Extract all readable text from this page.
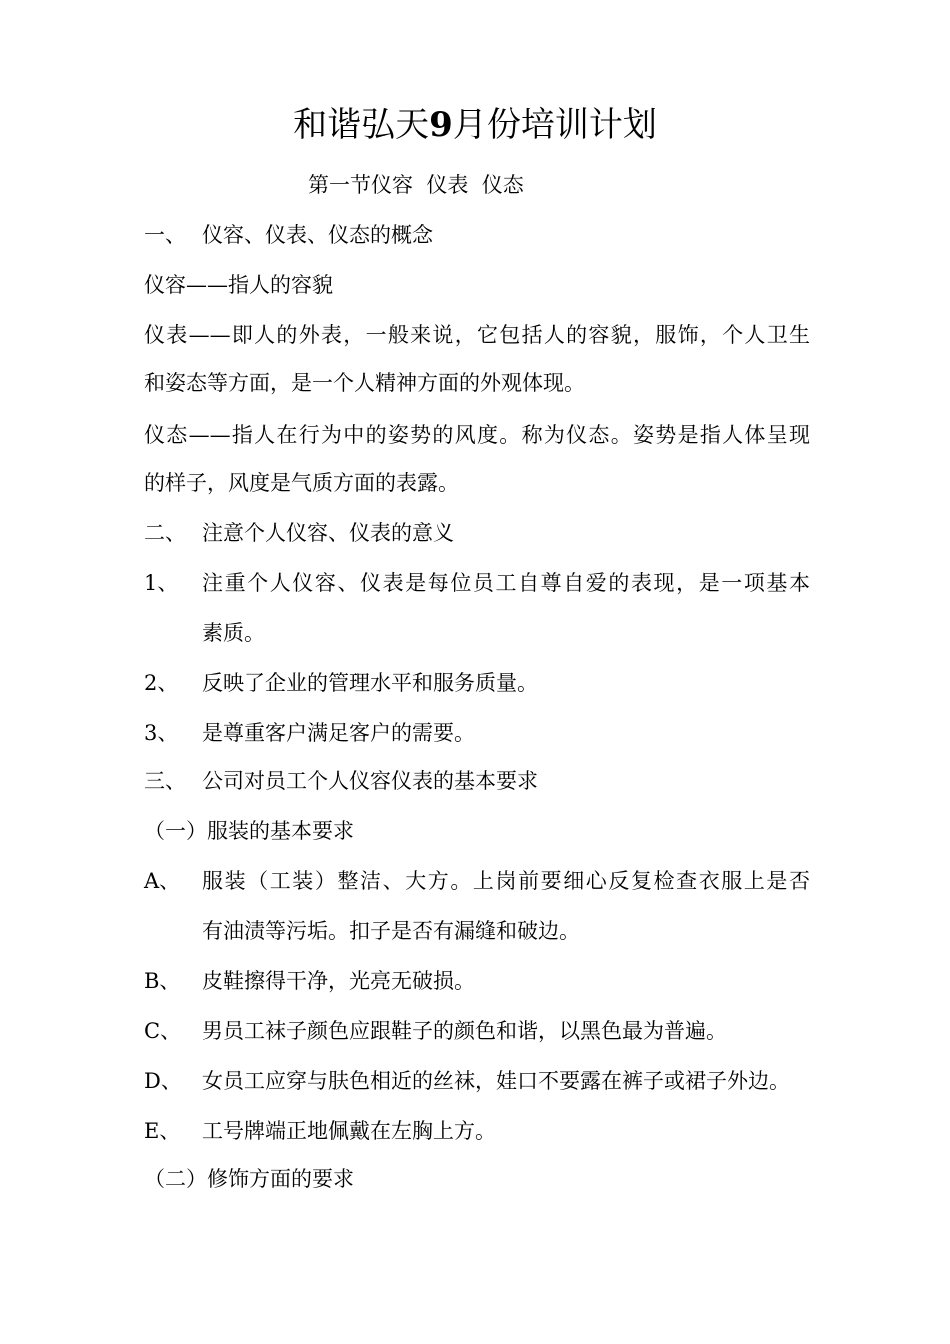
和谐弘天9月份培训计划
第一节仪容  仪表  仪态
一、 仪容、仪表、仪态的概念
仪容——指人的容貌
仪表——即人的外表，一般来说，它包括人的容貌，服饰，个人卫生
和姿态等方面，是一个人精神方面的外观体现。
仪态——指人在行为中的姿势的风度。称为仪态。姿势是指人体呈现
的样子，风度是气质方面的表露。
二、 注意个人仪容、仪表的意义
1、 注重个人仪容、仪表是每位员工自尊自爱的表现，是一项基本
素质。
2、 反映了企业的管理水平和服务质量。
3、 是尊重客户满足客户的需要。
三、 公司对员工个人仪容仪表的基本要求
（一）服装的基本要求
A、 服装（工装）整洁、大方。上岗前要细心反复检查衣服上是否
有油渍等污垢。扣子是否有漏缝和破边。
B、 皮鞋擦得干净，光亮无破损。
C、 男员工袜子颜色应跟鞋子的颜色和谐，以黑色最为普遍。
D、 女员工应穿与肤色相近的丝袜，娃口不要露在裤子或裙子外边。
E、 工号牌端正地佩戴在左胸上方。
（二）修饰方面的要求
